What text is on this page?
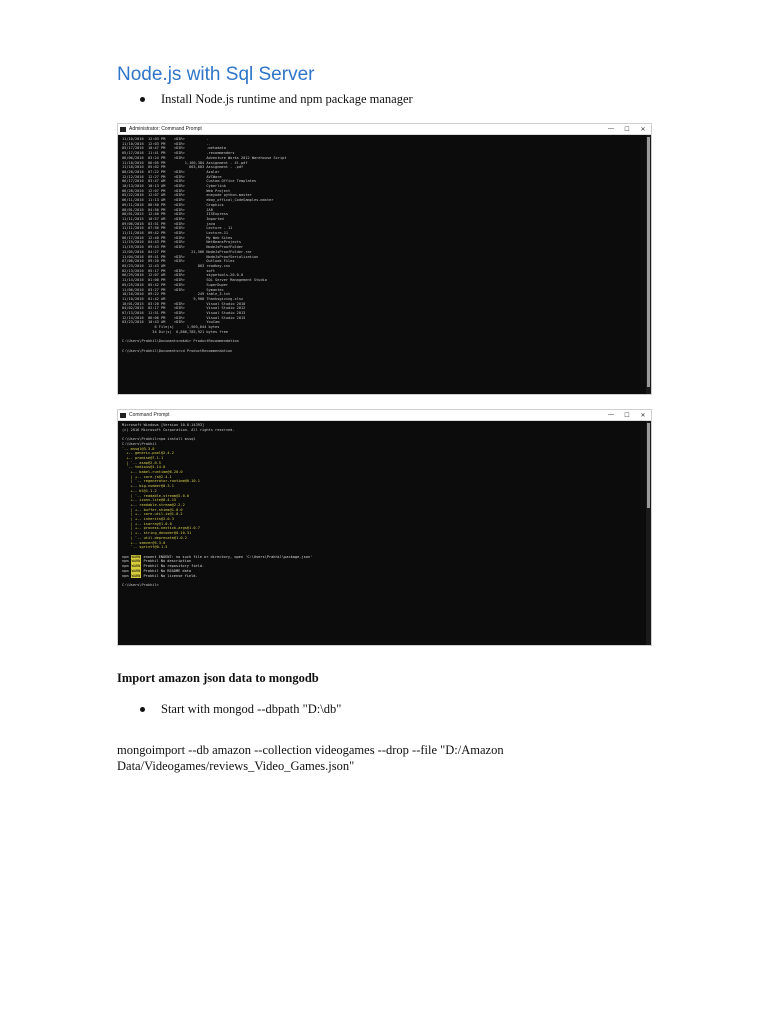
Node.js with Sql Server
Install Node.js runtime and npm package manager
Administrator: Command Prompt	—	☐	✕
11/10/2016  12:03 PM    <DIR>          .
11/10/2016  12:03 PM    <DIR>          ..
05/17/2016  10:47 PM    <DIR>          .metadata
05/17/2016  11:41 PM    <DIR>          .recommenders
06/06/2016  03:24 PM    <DIR>          Adventure Works 2012 Warehouse Script
11/18/2016  06:05 PM         1,160,384 Assignment - 4l.pdf
11/18/2016  05:02 PM           663,603 Assignment - .pdf
08/28/2016  07:22 PM    <DIR>          Azalar
12/12/2016  12:27 PM    <DIR>          AVCWare
06/17/2016  03:47 AM    <DIR>          Custom Office Templates
10/13/2016  10:13 AM    <DIR>          Cyberlink
06/28/2016  12:07 PM    <DIR>          Web Project
05/22/2016  12:07 AM    <DIR>          eneyode python-master
06/11/2016  11:13 AM    <DIR>          ebay_offical_CodeSamples-master
09/11/2016  08:50 PM    <DIR>          Graphics
08/01/2016  04:56 PM    <DIR>          JAR
08/01/2015  12:40 PM    <DIR>          IISExpress
11/11/2015  10:57 AM    <DIR>          Imported
09/06/2016  03:51 PM    <DIR>          java
11/11/2016  07:56 PM    <DIR>          Lecture - 11
11/11/2016  09:42 PM    <DIR>          Lecture-11
06/17/2016  12:40 PM    <DIR>          My Web Sites
11/19/2016  04:43 PM    <DIR>          NetBeansProjects
11/19/2016  09:43 PM    <DIR>          NodeJsProofFolder
12/05/2016  04:27 PM            21,566 NodeJsProofFolder.rar
11/04/2016  09:41 PM    <DIR>          NodeJsProofSerialization
07/06/2016  09:20 PM    <DIR>          Outlook Files
05/23/2016  12:43 AM               803 readkey.csv
02/13/2016  05:17 PM    <DIR>          soft
06/29/2016  12:07 AM    <DIR>          skypetools-20.0.0
11/14/2016  01:00 PM    <DIR>          SQL Server Management Studio
05/25/2016  05:42 PM    <DIR>          SuperDuper
11/06/2016  03:27 PM    <DIR>          Symantec
10/16/2016  09:22 PM               249 table_3.txt
11/10/2016  01:42 AM             9,900 Thanksgiving.xlsx
10/01/2015  03:20 PM    <DIR>          Visual Studio 2010
04/02/2015  02:17 PM    <DIR>          Visual Studio 2012
07/13/2016  11:51 PM    <DIR>          Visual Studio 2013
12/14/2016  06:06 PM    <DIR>          Visual Studio 2015
03/23/2016  10:43 AM    <DIR>          YouCam
6 File(s)      1,905,644 bytes
34 Dir(s)  6,886,785,921 bytes free

C:\Users\Prakhil\Documents>mkdir ProductRecommendation

C:\Users\Prakhil\Documents>cd ProductRecommendation
Command Prompt	—	☐	✕
Microsoft Windows [Version 10.0.14393]
(c) 2016 Microsoft Corporation. All rights reserved.

C:\Users\Prakhil>npm install mssql
C:\Users\Prakhil
`-- mssql@3.3.0
+-- generic-pool@2.4.2
+-- promise@7.1.1
| `-- asap@2.0.5
`-- tedious@1.14.0
+-- babel-runtime@6.20.0
| +-- core-js@2.4.1
| `-- regenerator-runtime@0.10.1
+-- big-number@0.3.1
+-- bl@1.1.2
| `-- readable-stream@2.0.6
+-- iconv-lite@0.4.15
+-- readable-stream@2.2.2
| +-- buffer-shims@1.0.0
| +-- core-util-is@1.0.2
| +-- inherits@2.0.3
| +-- isarray@1.0.0
| +-- process-nextick-args@1.0.7
| +-- string_decoder@0.10.31
| `-- util-deprecate@1.0.2
+-- semver@5.3.0
`-- sprintf@0.1.5

npm WARN enoent ENOENT: no such file or directory, open 'C:\Users\Prakhil\package.json'
npm WARN Prakhil No description
npm WARN Prakhil No repository field.
npm WARN Prakhil No README data
npm WARN Prakhil No license field.

C:\Users\Prakhil>

Import amazon json data to mongodb

Start with mongod --dbpath "D:\db"
mongoimport --db amazon --collection videogames --drop --file "D:/Amazon Data/Videogames/reviews_Video_Games.json"
